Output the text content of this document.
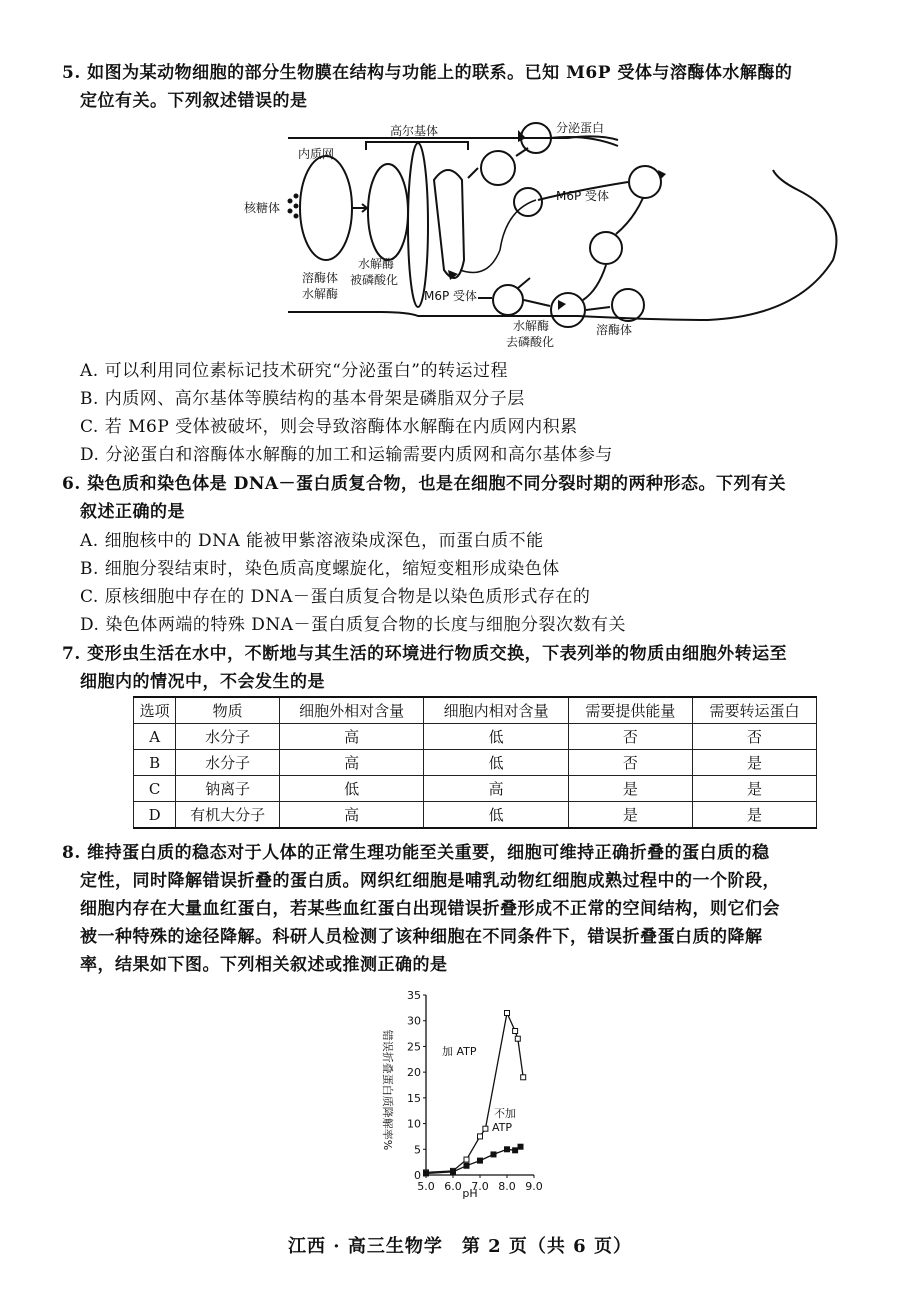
5. 如图为某动物细胞的部分生物膜在结构与功能上的联系。已知 M6P 受体与溶酶体水解酶的
定位有关。下列叙述错误的是
高尔基体
内质网
核糖体
溶酶体
水解酶
水解酶
被磷酸化
M6P 受体
M6P 受体
分泌蛋白
水解酶
去磷酸化
溶酶体
A. 可以利用同位素标记技术研究“分泌蛋白”的转运过程
B. 内质网、高尔基体等膜结构的基本骨架是磷脂双分子层
C. 若 M6P 受体被破坏，则会导致溶酶体水解酶在内质网内积累
D. 分泌蛋白和溶酶体水解酶的加工和运输需要内质网和高尔基体参与
6. 染色质和染色体是 DNA－蛋白质复合物，也是在细胞不同分裂时期的两种形态。下列有关
叙述正确的是
A. 细胞核中的 DNA 能被甲紫溶液染成深色，而蛋白质不能
B. 细胞分裂结束时，染色质高度螺旋化，缩短变粗形成染色体
C. 原核细胞中存在的 DNA－蛋白质复合物是以染色质形式存在的
D. 染色体两端的特殊 DNA－蛋白质复合物的长度与细胞分裂次数有关
7. 变形虫生活在水中，不断地与其生活的环境进行物质交换，下表列举的物质由细胞外转运至
细胞内的情况中，不会发生的是
选项	物质	细胞外相对含量	细胞内相对含量	需要提供能量	需要转运蛋白
A	水分子	高	低	否	否
B	水分子	高	低	否	是
C	钠离子	低	高	是	是
D	有机大分子	高	低	是	是
8. 维持蛋白质的稳态对于人体的正常生理功能至关重要，细胞可维持正确折叠的蛋白质的稳
定性，同时降解错误折叠的蛋白质。网织红细胞是哺乳动物红细胞成熟过程中的一个阶段，
细胞内存在大量血红蛋白，若某些血红蛋白出现错误折叠形成不正常的空间结构，则它们会
被一种特殊的途径降解。科研人员检测了该种细胞在不同条件下，错误折叠蛋白质的降解
率，结果如下图。下列相关叙述或推测正确的是
5.0 6.0 7.0 8.0 9.0
0
5
10
15
20
25
30
35
错误折叠蛋白质降解率%
pH
加 ATP
不加
ATP
江西 · 高三生物学　第 2 页（共 6 页）
